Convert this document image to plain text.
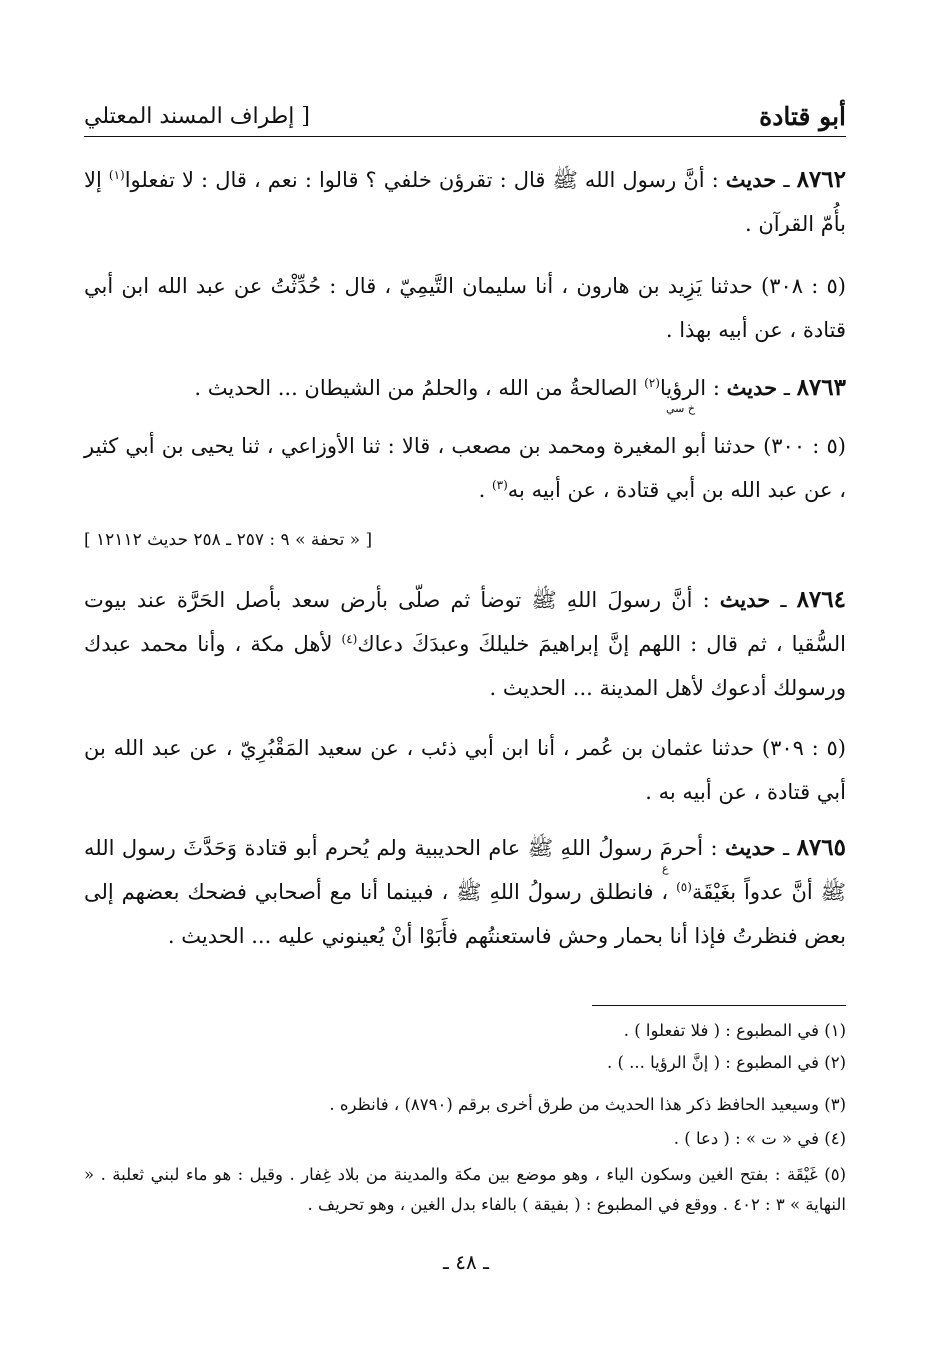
أبو قتادة
[ إطراف المسند المعتلي
٨٧٦٢ ـ حديث : أنَّ رسول الله ﷺ قال : تقرؤن خلفي ؟ قالوا : نعم ، قال : لا تفعلوا$^{(١)}$ إلا بأُمّ القرآن .
(٥ : ٣٠٨) حدثنا يَزِيد بن هارون ، أنا سليمان التَّيمِيّ ، قال : حُدِّثْتُ عن عبد الله ابن أبي قتادة ، عن أبيه بهذا .
٨٧٦٣ ـ حديث : الرؤيا$^{(٢)}$ الصالحةُ من الله ، والحلمُ من الشيطان ... الحديث .
خ سي
(٥ : ٣٠٠) حدثنا أبو المغيرة ومحمد بن مصعب ، قالا : ثنا الأوزاعي ، ثنا يحيى بن أبي كثير ، عن عبد الله بن أبي قتادة ، عن أبيه به$^{(٣)}$ .
[ « تحفة » ٩ : ٢٥٧ ـ ٢٥٨ حديث ١٢١١٢ ]
٨٧٦٤ ـ حديث : أنَّ رسولَ اللهِ ﷺ توضأ ثم صلّى بأرض سعد بأصل الحَرَّة عند بيوت السُّقيا ، ثم قال : اللهم إنَّ إبراهيمَ خليلكَ وعبدَكَ دعاك$^{(٤)}$ لأهل مكة ، وأنا محمد عبدك ورسولك أدعوك لأهل المدينة ... الحديث .
(٥ : ٣٠٩) حدثنا عثمان بن عُمر ، أنا ابن أبي ذئب ، عن سعيد المَقْبُرِيّ ، عن عبد الله بن أبي قتادة ، عن أبيه به .
٨٧٦٥ ـ حديث : أحرمَ رسولُ اللهِ ﷺ عام الحديبية ولم يُحرم أبو قتادة وَحَدَّثَ رسول الله ﷺ أنَّ عدواً بغَيْقَة$^{(٥)}$ ، فانطلق رسولُ اللهِ ﷺ ، فبينما أنا مع أصحابي فضحك بعضهم إلى بعض فنظرتُ فإذا أنا بحمار وحش فاستعنتُهم فأَبَوْا أنْ يُعينوني عليه ... الحديث .
ع
(١) في المطبوع : ( فلا تفعلوا ) .
(٢) في المطبوع : ( إنَّ الرؤيا ... ) .
(٣) وسيعيد الحافظ ذكر هذا الحديث من طرق أخرى برقم (٨٧٩٠) ، فانظره .
(٤) في « ت » : ( دعا ) .
(٥) غَيْقَة : بفتح الغين وسكون الياء ، وهو موضع بين مكة والمدينة من بلاد غِفار . وقيل : هو ماء لبني ثعلبة . « النهاية » ٣ : ٤٠٢ . ووقع في المطبوع : ( بفيقة ) بالفاء بدل الغين ، وهو تحريف .
ـ ٤٨ ـ
